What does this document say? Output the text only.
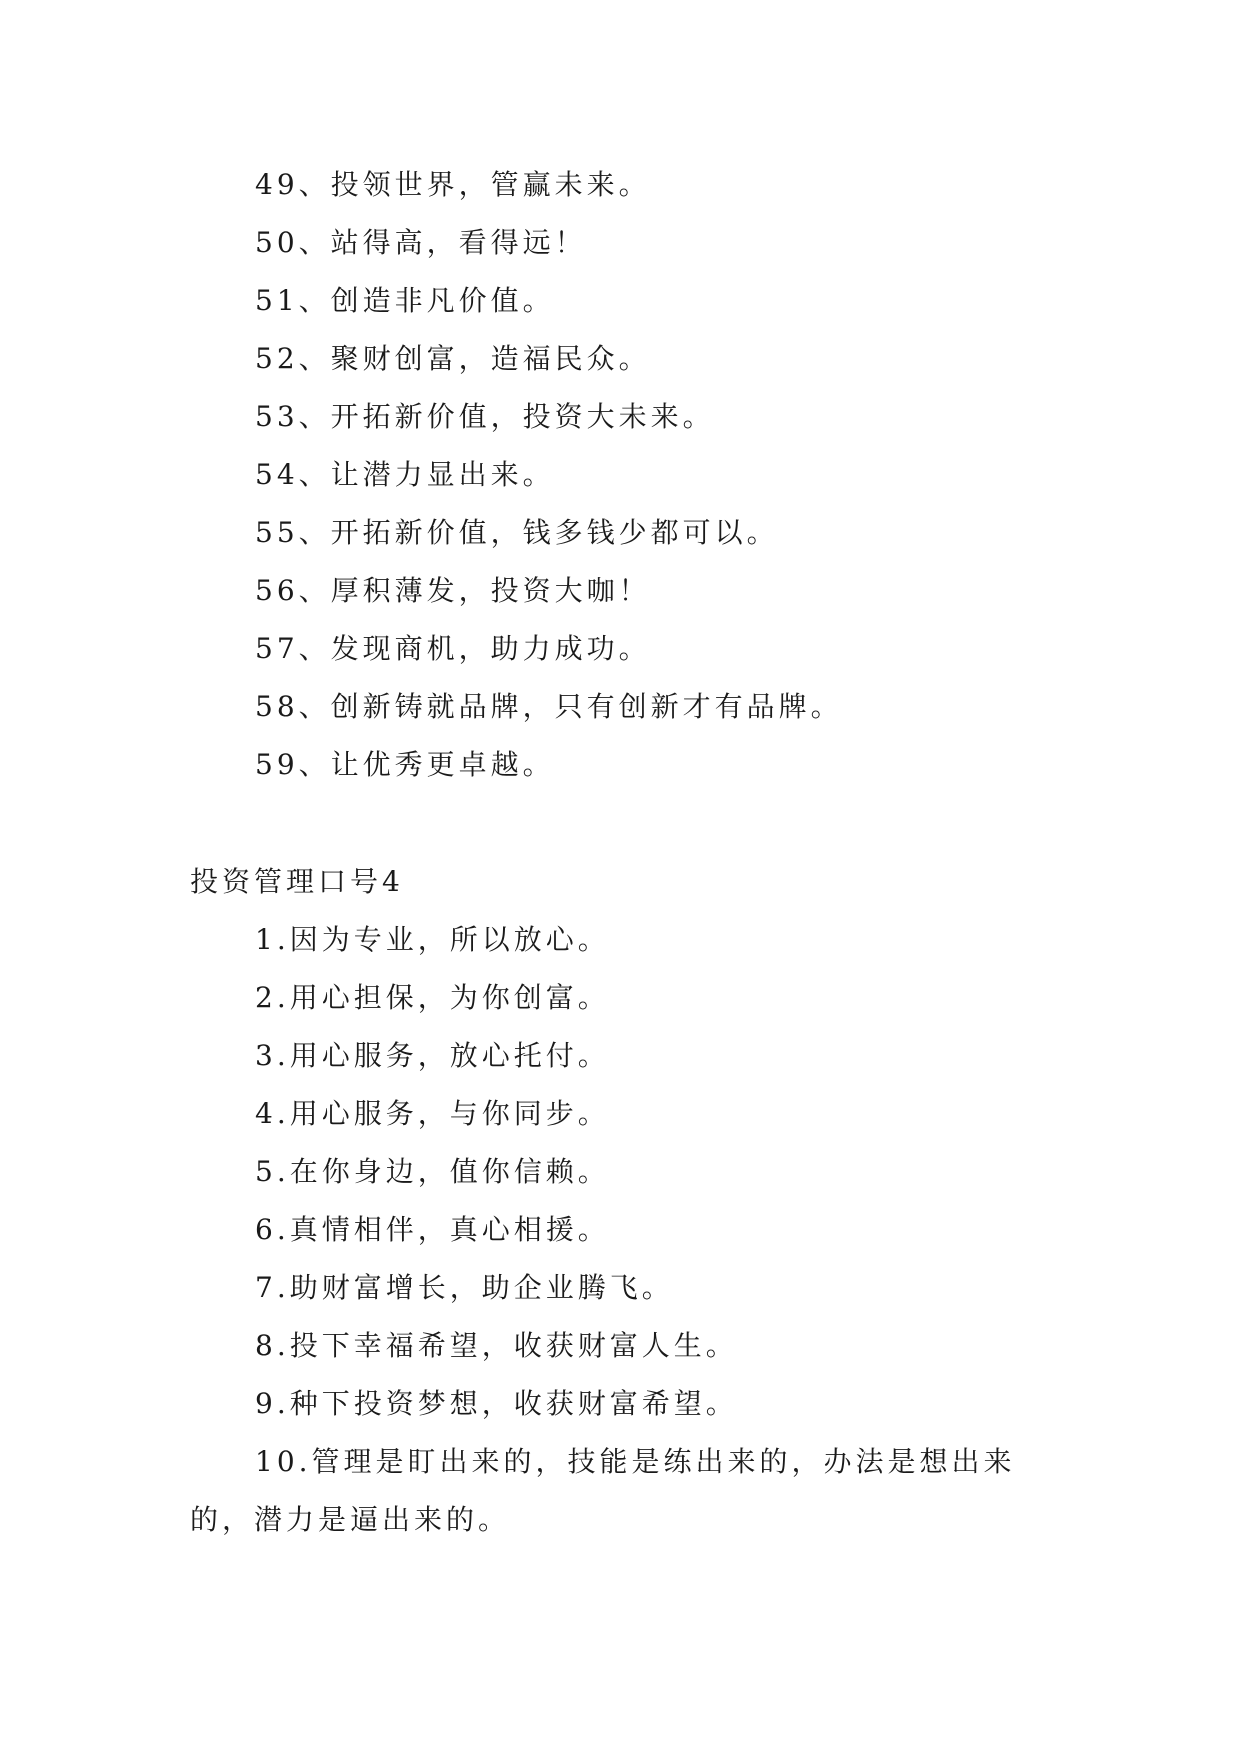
49、投领世界，管赢未来。
50、站得高，看得远！
51、创造非凡价值。
52、聚财创富，造福民众。
53、开拓新价值，投资大未来。
54、让潜力显出来。
55、开拓新价值，钱多钱少都可以。
56、厚积薄发，投资大咖！
57、发现商机，助力成功。
58、创新铸就品牌，只有创新才有品牌。
59、让优秀更卓越。
投资管理口号4
1.因为专业，所以放心。
2.用心担保，为你创富。
3.用心服务，放心托付。
4.用心服务，与你同步。
5.在你身边，值你信赖。
6.真情相伴，真心相援。
7.助财富增长，助企业腾飞。
8.投下幸福希望，收获财富人生。
9.种下投资梦想，收获财富希望。
10.管理是盯出来的，技能是练出来的，办法是想出来的，潜力是逼出来的。
